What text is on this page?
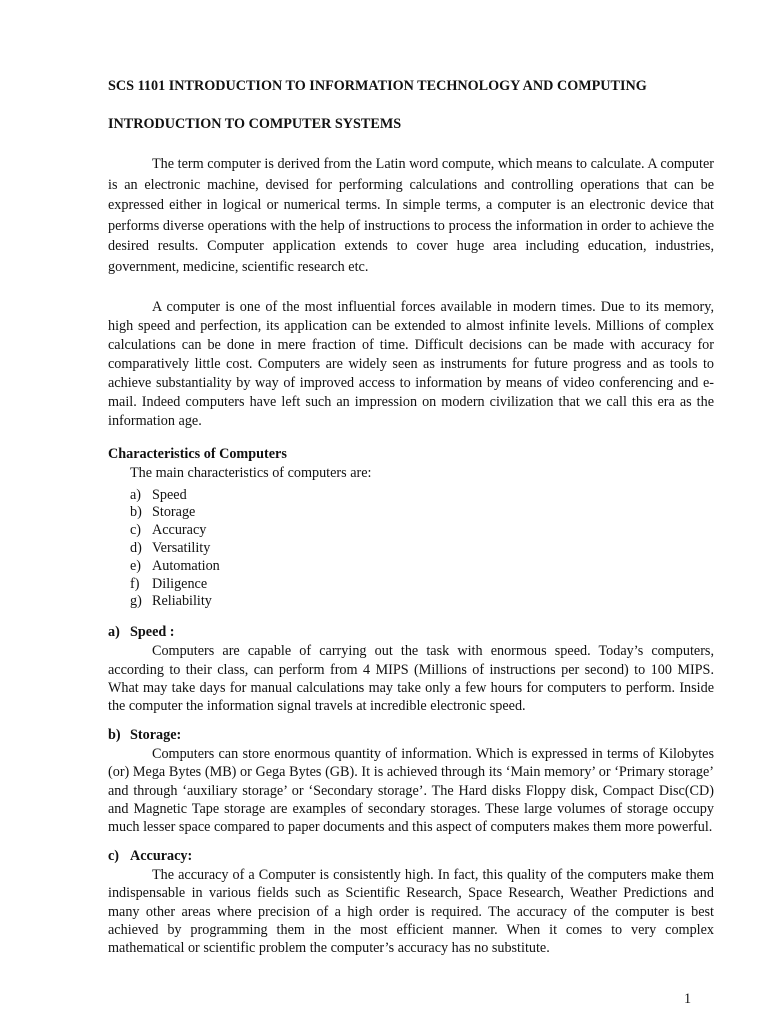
SCS 1101 INTRODUCTION TO INFORMATION TECHNOLOGY AND COMPUTING
INTRODUCTION TO COMPUTER SYSTEMS

The term computer is derived from the Latin word compute, which means to calculate. A computer is an electronic machine, devised for performing calculations and controlling operations that can be expressed either in logical or numerical terms. In simple terms, a computer is an electronic device that performs diverse operations with the help of instructions to process the information in order to achieve the desired results. Computer application extends to cover huge area including education, industries, government, medicine, scientific research etc.

A computer is one of the most influential forces available in modern times. Due to its memory, high speed and perfection, its application can be extended to almost infinite levels. Millions of complex calculations can be done in mere fraction of time. Difficult decisions can be made with accuracy for comparatively little cost. Computers are widely seen as instruments for future progress and as tools to achieve substantiality by way of improved access to information by means of video conferencing and e- mail. Indeed computers have left such an impression on modern civilization that we call this era as the information age.

Characteristics of Computers
The main characteristics of computers are:
a) Speed
b) Storage
c) Accuracy
d) Versatility
e) Automation
f) Diligence
g) Reliability
a) Speed :

Computers are capable of carrying out the task with enormous speed. Today’s computers, according to their class, can perform from 4 MIPS (Millions of instructions per second) to 100 MIPS. What may take days for manual calculations may take only a few hours for computers to perform. Inside the computer the information signal travels at incredible electronic speed.

b) Storage:

Computers can store enormous quantity of information. Which is expressed in terms of Kilobytes (or) Mega Bytes (MB) or Gega Bytes (GB). It is achieved through its ‘Main memory’ or ‘Primary storage’ and through ‘auxiliary storage’ or ‘Secondary storage’. The Hard disks Floppy disk, Compact Disc(CD) and Magnetic Tape storage are examples of secondary storages. These large volumes of storage occupy much lesser space compared to paper documents and this aspect of computers makes them more powerful.

c) Accuracy:

The accuracy of a Computer is consistently high. In fact, this quality of the computers make them indispensable in various fields such as Scientific Research, Space Research, Weather Predictions and many other areas where precision of a high order is required. The accuracy of the computer is best achieved by programming them in the most efficient manner. When it comes to very complex mathematical or scientific problem the computer’s accuracy has no substitute.

1
